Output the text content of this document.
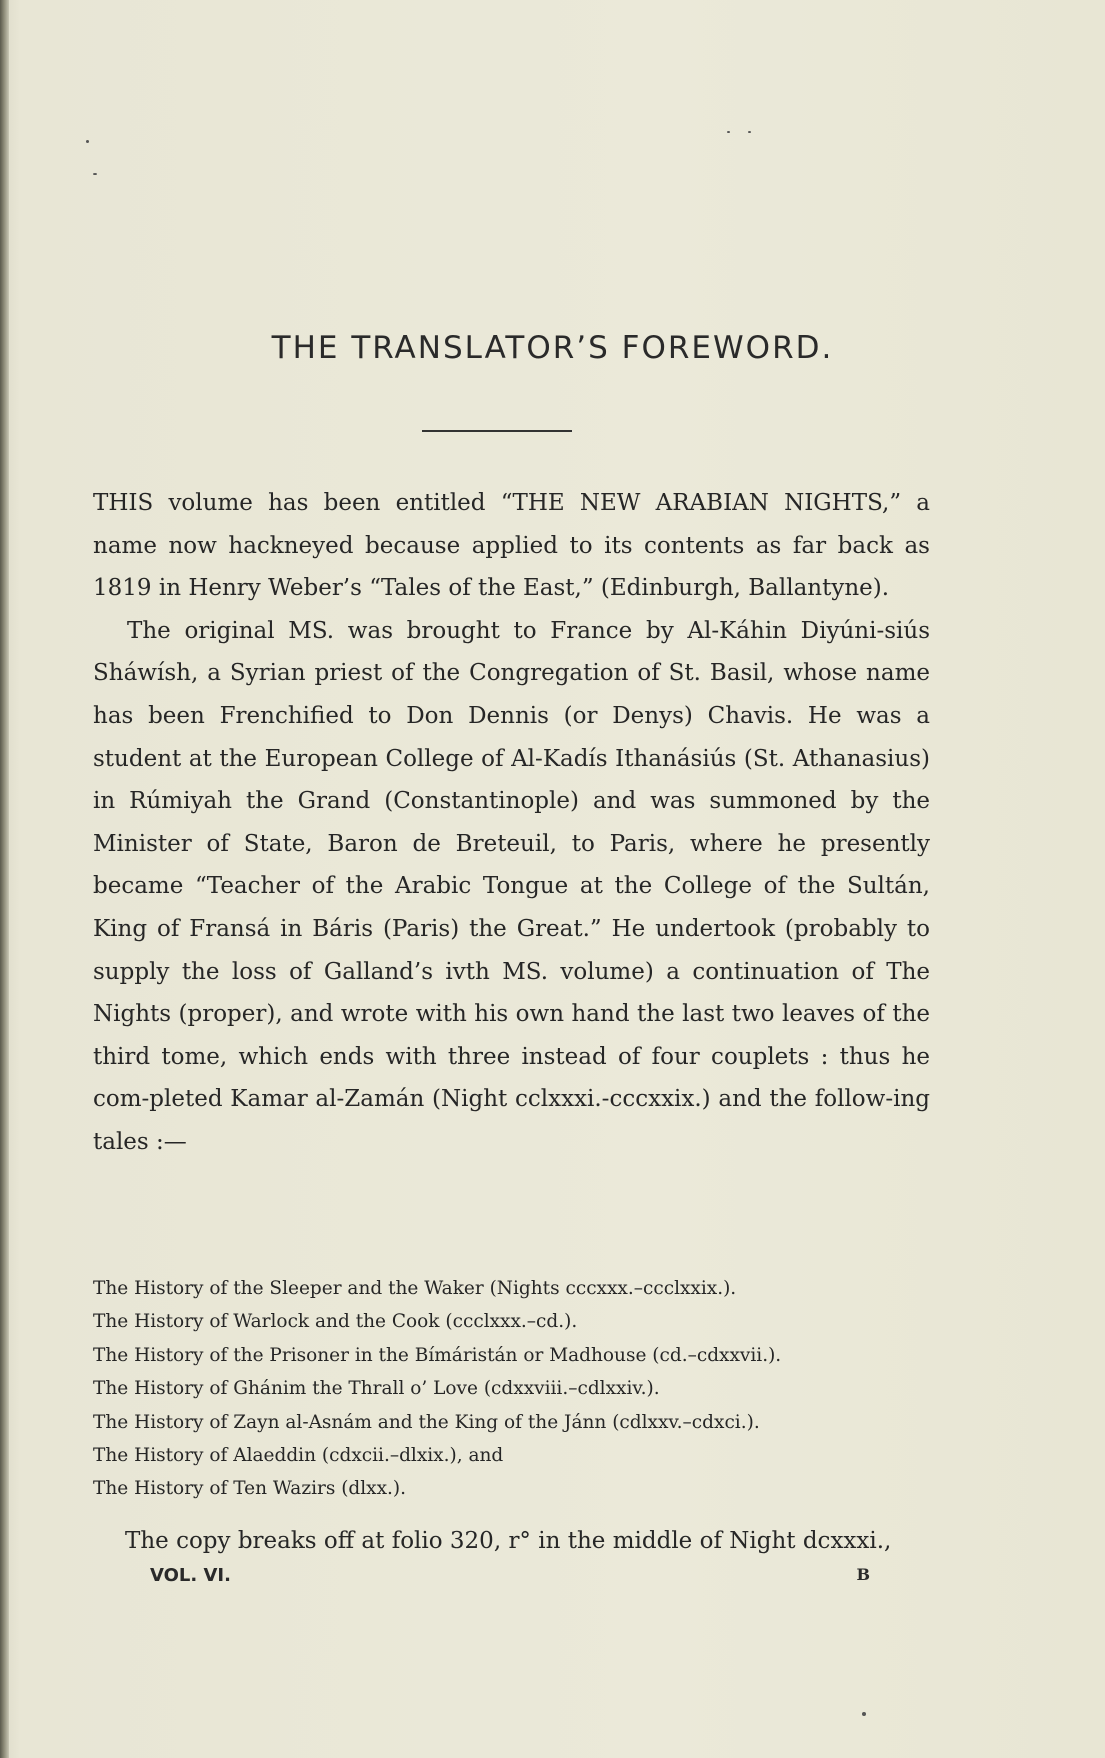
THE TRANSLATOR’S FOREWORD.

THIS volume has been entitled “THE NEW ARABIAN NIGHTS,” a name now hackneyed because applied to its contents as far back as 1819 in Henry Weber’s “Tales of the East,” (Edinburgh, Ballantyne).

The original MS. was brought to France by Al-Káhin Diyúni-siús Sháwísh, a Syrian priest of the Congregation of St. Basil, whose name has been Frenchified to Don Dennis (or Denys) Chavis. He was a student at the European College of Al-Kadís Ithanásiús (St. Athanasius) in Rúmiyah the Grand (Constantinople) and was summoned by the Minister of State, Baron de Breteuil, to Paris, where he presently became “Teacher of the Arabic Tongue at the College of the Sultán, King of Fransá in Báris (Paris) the Great.” He undertook (probably to supply the loss of Galland’s ivth MS. volume) a continuation of The Nights (proper), and wrote with his own hand the last two leaves of the third tome, which ends with three instead of four couplets : thus he com-pleted Kamar al-Zamán (Night cclxxxi.-cccxxix.) and the follow-ing tales :—

The History of the Sleeper and the Waker (Nights cccxxx.–ccclxxix.).
The History of Warlock and the Cook (ccclxxx.–cd.).
The History of the Prisoner in the Bímáristán or Madhouse (cd.–cdxxvii.).
The History of Ghánim the Thrall o’ Love (cdxxviii.–cdlxxiv.).
The History of Zayn al-Asnám and the King of the Jánn (cdlxxv.–cdxci.).
The History of Alaeddin (cdxcii.–dlxix.), and
The History of Ten Wazirs (dlxx.).
The copy breaks off at folio 320, r° in the middle of Night dcxxxi.,
VOL. VI.	B
